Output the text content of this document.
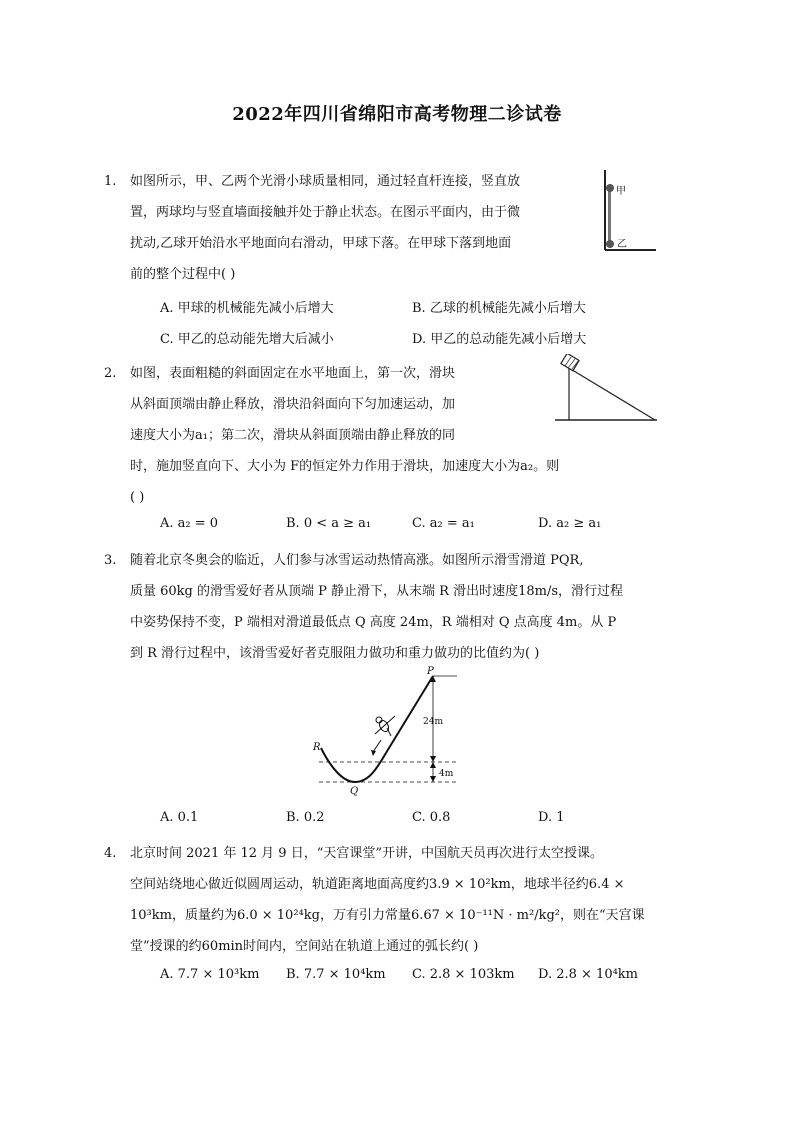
2022年四川省绵阳市高考物理二诊试卷
1. 如图所示，甲、乙两个光滑小球质量相同，通过轻直杆连接，竖直放
置，两球均与竖直墙面接触并处于静止状态。在图示平面内，由于微
扰动,乙球开始沿水平地面向右滑动，甲球下落。在甲球下落到地面
前的整个过程中( )
甲
乙
A. 甲球的机械能先减小后增大	B. 乙球的机械能先减小后增大
C. 甲乙的总动能先增大后减小	D. 甲乙的总动能先减小后增大
2. 如图，表面粗糙的斜面固定在水平地面上，第一次，滑块
从斜面顶端由静止释放，滑块沿斜面向下匀加速运动，加
速度大小为a₁；第二次，滑块从斜面顶端由静止释放的同
时，施加竖直向下、大小为 F的恒定外力作用于滑块，加速度大小为a₂。则
( )
A. a₂ = 0	B. 0 < a ≥ a₁	C. a₂ = a₁	D. a₂ ≥ a₁
3. 随着北京冬奥会的临近，人们参与冰雪运动热情高涨。如图所示滑雪滑道 PQR,
质量 60kg 的滑雪爱好者从顶端 P 静止滑下，从末端 R 滑出时速度18m/s，滑行过程
中姿势保持不变，P 端相对滑道最低点 Q 高度 24m，R 端相对 Q 点高度 4m。从 P
到 R 滑行过程中，该滑雪爱好者克服阻力做功和重力做功的比值约为( )
P
Q
R
24m
4m
A. 0.1	B. 0.2	C. 0.8	D. 1
4. 北京时间 2021 年 12 月 9 日，“天宫课堂”开讲，中国航天员再次进行太空授课。
空间站绕地心做近似圆周运动，轨道距离地面高度约3.9 × 10²km，地球半径约6.4 ×
10³km，质量约为6.0 × 10²⁴kg，万有引力常量6.67 × 10⁻¹¹N · m²/kg²，则在“天宫课
堂”授课的约60min时间内，空间站在轨道上通过的弧长约( )
A. 7.7 × 10³km B. 7.7 × 10⁴km C. 2.8 × 103km D. 2.8 × 10⁴km
